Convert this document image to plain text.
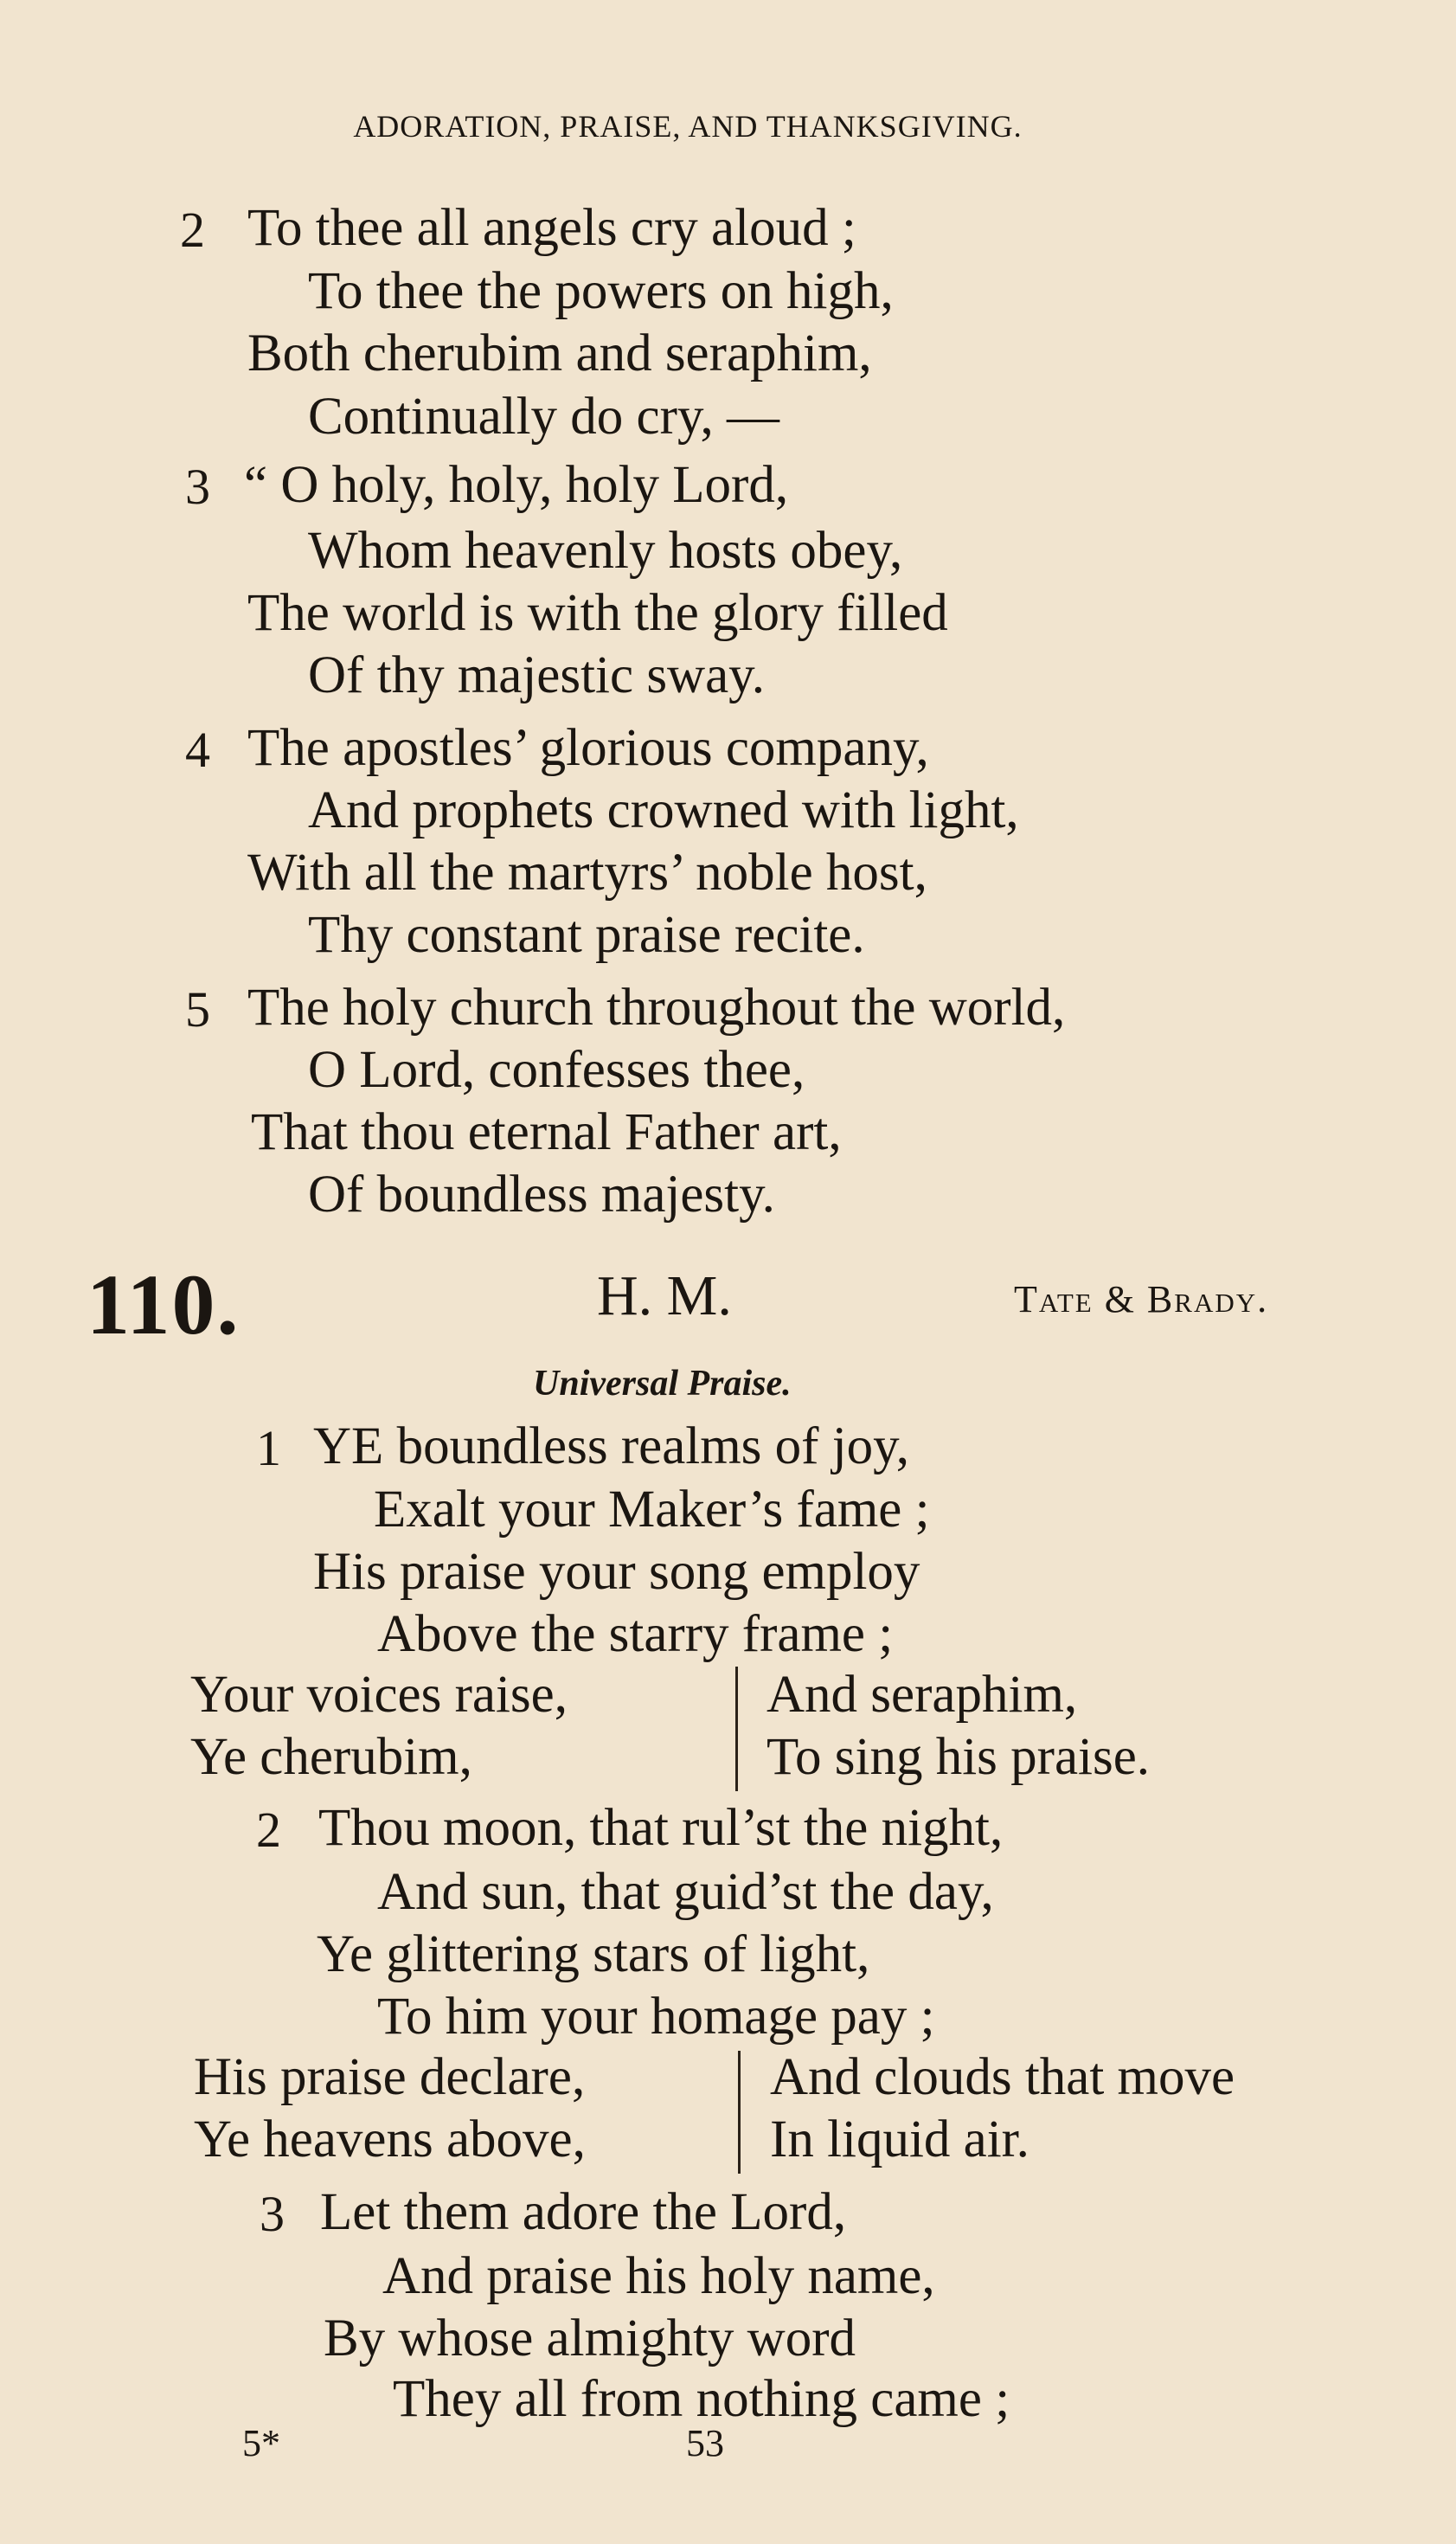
ADORATION, PRAISE, AND THANKSGIVING.
2 To thee all angels cry aloud ;
To thee the powers on high,
Both cherubim and seraphim,
Continually do cry, —
3 “ O holy, holy, holy Lord,
Whom heavenly hosts obey,
The world is with the glory filled
Of thy majestic sway.
4 The apostles’ glorious company,
And prophets crowned with light,
With all the martyrs’ noble host,
Thy constant praise recite.
5 The holy church throughout the world,
O Lord, confesses thee,
That thou eternal Father art,
Of boundless majesty.
110.	H. M.	Tate & Brady.
Universal Praise.
1 YE boundless realms of joy,
Exalt your Maker’s fame ;
His praise your song employ
Above the starry frame ;
Your voices raise,
Ye cherubim,
And seraphim,
To sing his praise.
2 Thou moon, that rul’st the night,
And sun, that guid’st the day,
Ye glittering stars of light,
To him your homage pay ;
His praise declare,
Ye heavens above,
And clouds that move
In liquid air.
3 Let them adore the Lord,
And praise his holy name,
By whose almighty word
They all from nothing came ;
5*	53
